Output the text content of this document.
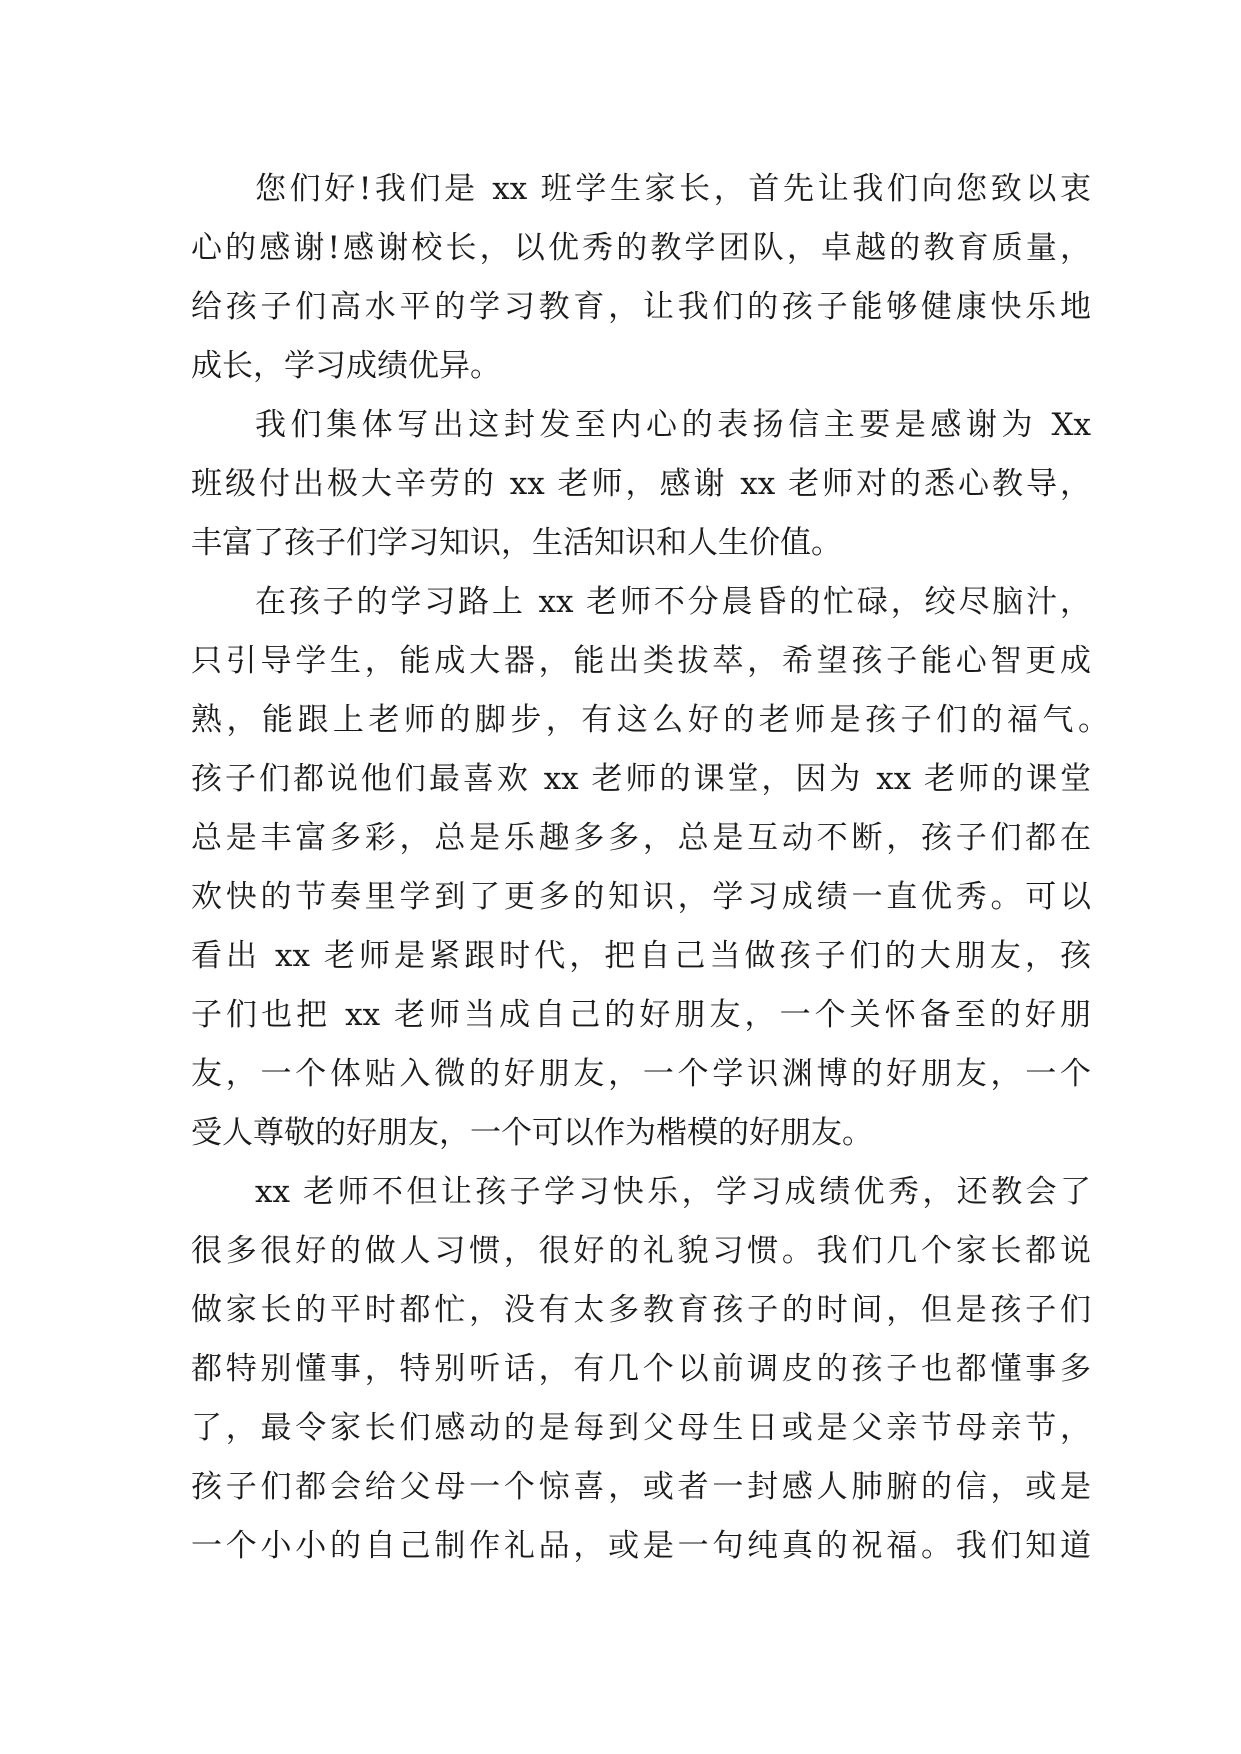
您们好!我们是 xx 班学生家长，首先让我们向您致以衷

心的感谢!感谢校长，以优秀的教学团队，卓越的教育质量，

给孩子们高水平的学习教育，让我们的孩子能够健康快乐地

成长，学习成绩优异。

我们集体写出这封发至内心的表扬信主要是感谢为 Xx

班级付出极大辛劳的 xx 老师，感谢 xx 老师对的悉心教导，

丰富了孩子们学习知识，生活知识和人生价值。

在孩子的学习路上 xx 老师不分晨昏的忙碌，绞尽脑汁，

只引导学生，能成大器，能出类拔萃，希望孩子能心智更成

熟，能跟上老师的脚步，有这么好的老师是孩子们的福气。

孩子们都说他们最喜欢 xx 老师的课堂，因为 xx 老师的课堂

总是丰富多彩，总是乐趣多多，总是互动不断，孩子们都在

欢快的节奏里学到了更多的知识，学习成绩一直优秀。可以

看出 xx 老师是紧跟时代，把自己当做孩子们的大朋友，孩

子们也把 xx 老师当成自己的好朋友，一个关怀备至的好朋

友，一个体贴入微的好朋友，一个学识渊博的好朋友，一个

受人尊敬的好朋友，一个可以作为楷模的好朋友。

xx 老师不但让孩子学习快乐，学习成绩优秀，还教会了

很多很好的做人习惯，很好的礼貌习惯。我们几个家长都说

做家长的平时都忙，没有太多教育孩子的时间，但是孩子们

都特别懂事，特别听话，有几个以前调皮的孩子也都懂事多

了，最令家长们感动的是每到父母生日或是父亲节母亲节，

孩子们都会给父母一个惊喜，或者一封感人肺腑的信，或是

一个小小的自己制作礼品，或是一句纯真的祝福。我们知道
